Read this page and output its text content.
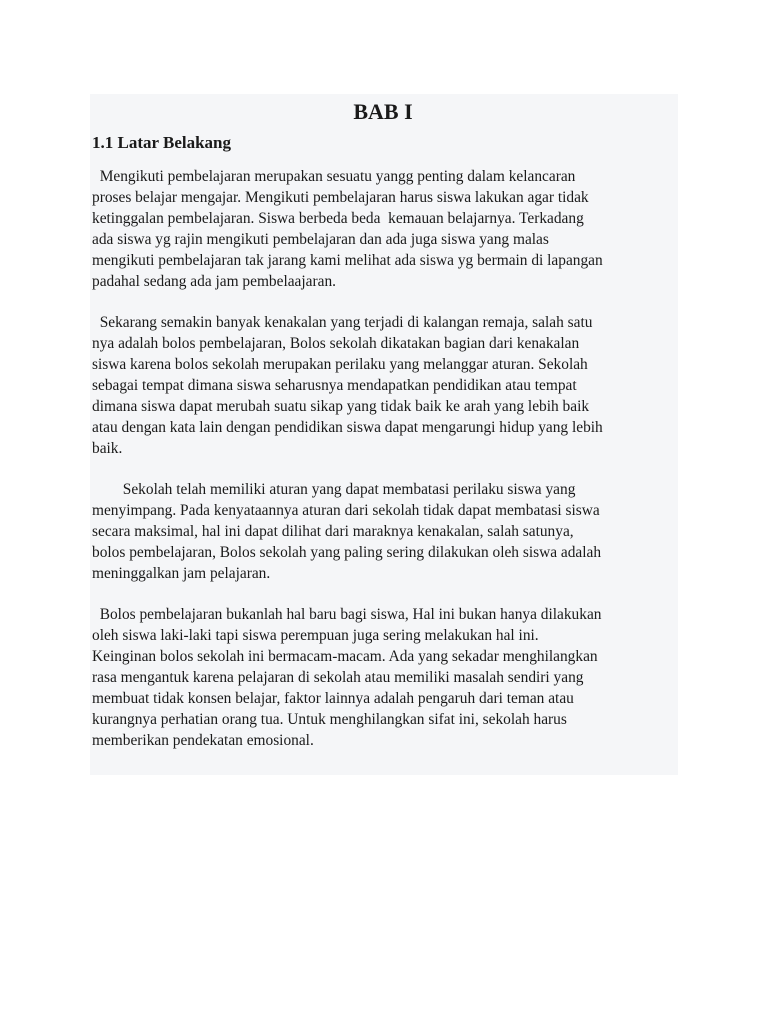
BAB I
1.1 Latar Belakang

Mengikuti pembelajaran merupakan sesuatu yangg penting dalam kelancaran
proses belajar mengajar. Mengikuti pembelajaran harus siswa lakukan agar tidak
ketinggalan pembelajaran. Siswa berbeda beda  kemauan belajarnya. Terkadang
ada siswa yg rajin mengikuti pembelajaran dan ada juga siswa yang malas
mengikuti pembelajaran tak jarang kami melihat ada siswa yg bermain di lapangan
padahal sedang ada jam pembelaajaran.

Sekarang semakin banyak kenakalan yang terjadi di kalangan remaja, salah satu
nya adalah bolos pembelajaran, Bolos sekolah dikatakan bagian dari kenakalan
siswa karena bolos sekolah merupakan perilaku yang melanggar aturan. Sekolah
sebagai tempat dimana siswa seharusnya mendapatkan pendidikan atau tempat
dimana siswa dapat merubah suatu sikap yang tidak baik ke arah yang lebih baik
atau dengan kata lain dengan pendidikan siswa dapat mengarungi hidup yang lebih
baik.

Sekolah telah memiliki aturan yang dapat membatasi perilaku siswa yang
menyimpang. Pada kenyataannya aturan dari sekolah tidak dapat membatasi siswa
secara maksimal, hal ini dapat dilihat dari maraknya kenakalan, salah satunya,
bolos pembelajaran, Bolos sekolah yang paling sering dilakukan oleh siswa adalah
meninggalkan jam pelajaran.

Bolos pembelajaran bukanlah hal baru bagi siswa, Hal ini bukan hanya dilakukan
oleh siswa laki-laki tapi siswa perempuan juga sering melakukan hal ini.
Keinginan bolos sekolah ini bermacam-macam. Ada yang sekadar menghilangkan
rasa mengantuk karena pelajaran di sekolah atau memiliki masalah sendiri yang
membuat tidak konsen belajar, faktor lainnya adalah pengaruh dari teman atau
kurangnya perhatian orang tua. Untuk menghilangkan sifat ini, sekolah harus
memberikan pendekatan emosional.
